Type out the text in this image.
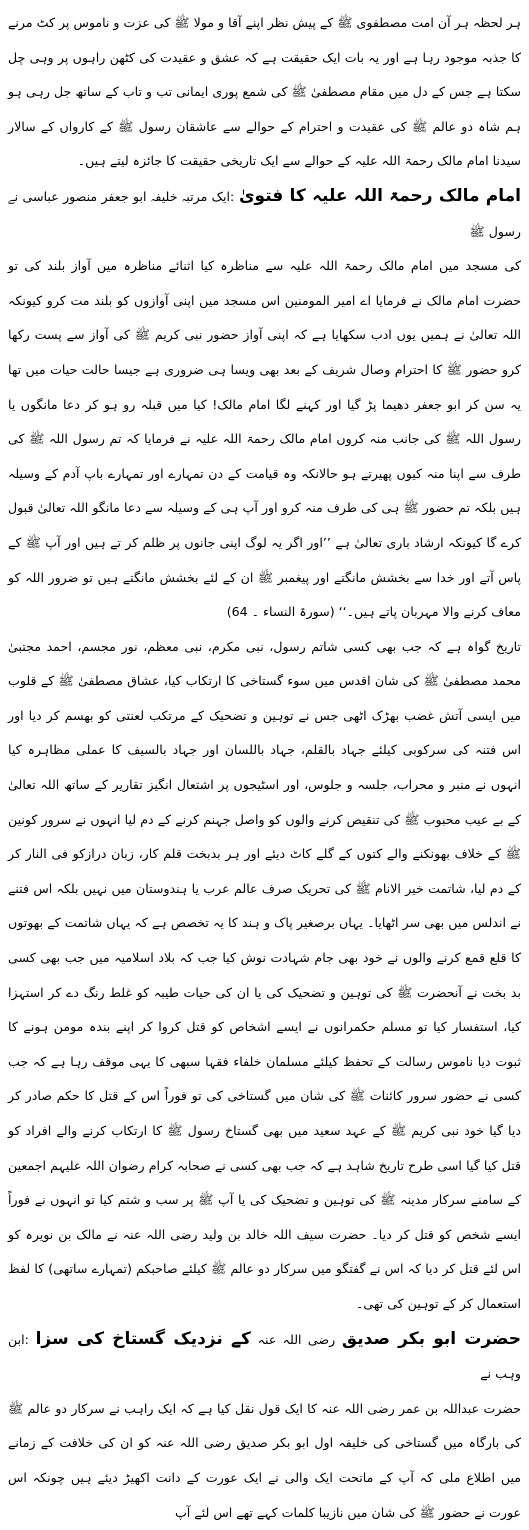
ہر لحظہ ہر آن امت مصطفوی ﷺ کے پیش نظر اپنے آقا و مولا ﷺ کی عزت و ناموس پر کٹ مرنے کا جذبہ موجود رہا ہے اور یہ بات ایک حقیقت ہے کہ عشق و عقیدت کی کٹھن راہوں پر وہی چل سکتا ہے جس کے دل میں مقام مصطفیٰ ﷺ کی شمع پوری ایمانی تب و تاب کے ساتھ جل رہی ہو ہم شاہ دو عالم ﷺ کی عقیدت و احترام کے حوالے سے عاشقان رسول ﷺ کے کارواں کے سالار سیدنا امام مالک رحمۃ اللہ علیہ کے حوالے سے ایک تاریخی حقیقت کا جائزہ لیتے ہیں۔

امام مالک رحمۃ اللہ علیہ کا فتویٰ :ایک مرتبہ خلیفہ ابو جعفر منصور عباسی نے رسول ﷺ

کی مسجد میں امام مالک رحمۃ اللہ علیہ سے مناظرہ کیا اثنائے مناظرہ میں آواز بلند کی تو حضرت امام مالک نے فرمایا اے امیر المومنین اس مسجد میں اپنی آوازوں کو بلند مت کرو کیونکہ اللہ تعالیٰ نے ہمیں یوں ادب سکھایا ہے کہ اپنی آواز حضور نبی کریم ﷺ کی آواز سے پست رکھا کرو حضور ﷺ کا احترام وصال شریف کے بعد بھی ویسا ہی ضروری ہے جیسا حالت حیات میں تھا یہ سن کر ابو جعفر دھیما پڑ گیا اور کہنے لگا امام مالک! کیا میں قبلہ رو ہو کر دعا مانگوں یا رسول اللہ ﷺ کی جانب منہ کروں امام مالک رحمۃ اللہ علیہ نے فرمایا کہ تم رسول اللہ ﷺ کی طرف سے اپنا منہ کیوں پھیرتے ہو حالانکہ وہ قیامت کے دن تمہارے اور تمہارے باپ آدم کے وسیلہ ہیں بلکہ تم حضور ﷺ ہی کی طرف منہ کرو اور آپ ہی کے وسیلہ سے دعا مانگو اللہ تعالیٰ قبول کرے گا کیونکہ ارشاد باری تعالیٰ ہے ’’اور اگر یہ لوگ اپنی جانوں پر ظلم کر تے ہیں اور آپ ﷺ کے پاس آتے اور خدا سے بخشش مانگتے اور پیغمبر ﷺ ان کے لئے بخشش مانگتے ہیں تو ضرور اللہ کو معاف کرنے والا مہربان پاتے ہیں۔‘‘ (سورۃ النساء ۔ 64)

تاریخ گواہ ہے کہ جب بھی کسی شاتم رسول، نبی مکرم، نبی معظم، نور مجسم، احمد مجتبیٰ محمد مصطفیٰ ﷺ کی شان اقدس میں سوء گستاخی کا ارتکاب کیا، عشاق مصطفیٰ ﷺ کے قلوب میں ایسی آتش غضب بھڑک اٹھی جس نے توہین و تضحیک کے مرتکب لعنتی کو بھسم کر دیا اور اس فتنہ کی سرکوبی کیلئے جہاد بالقلم، جہاد باللسان اور جہاد بالسیف کا عملی مظاہرہ کیا انہوں نے منبر و محراب، جلسہ و جلوس، اور اسٹیجوں پر اشتعال انگیز تقاریر کے ساتھ اللہ تعالیٰ کے بے عیب محبوب ﷺ کی تنقیص کرنے والوں کو واصل جہنم کرنے کے دم لیا انہوں نے سرور کونین ﷺ کے خلاف بھونکنے والے کتوں کے گلے کاٹ دیئے اور ہر بدبخت قلم کار، زبان درازکو فی النار کر کے دم لیا، شاتمت خیر الانام ﷺ کی تحریک صرف عالم عرب یا ہندوستان میں نہیں بلکہ اس فتنے نے اندلس میں بھی سر اٹھایا۔ یہاں برصغیر پاک و ہند کا یہ تخصص ہے کہ یہاں شاتمت کے بھوتوں کا قلع قمع کرنے والوں نے خود بھی جام شہادت نوش کیا جب کہ بلاد اسلامیہ میں جب بھی کسی بد بخت نے آنحضرت ﷺ کی توہین و تضحیک کی یا ان کی حیات طیبہ کو غلط رنگ دے کر استہزا کیا، استفسار کیا تو مسلم حکمرانوں نے ایسے اشخاص کو قتل کروا کر اپنے بندہ مومن ہونے کا ثبوت دیا ناموس رسالت کے تحفظ کیلئے مسلمان خلفاء فقہا سبھی کا یہی موقف رہا ہے کہ جب کسی نے حضور سرور کائنات ﷺ کی شان میں گستاخی کی تو فوراً اس کے قتل کا حکم صادر کر دیا گیا خود نبی کریم ﷺ کے عہد سعید میں بھی گستاخ رسول ﷺ کا ارتکاب کرنے والے افراد کو قتل کیا گیا اسی طرح تاریخ شاہد ہے کہ جب بھی کسی نے صحابہ کرام رضوان اللہ علیہم اجمعین کے سامنے سرکار مدینہ ﷺ کی توہین و تضحیک کی یا آپ ﷺ پر سب و شتم کیا تو انہوں نے فوراً ایسے شخص کو قتل کر دیا۔ حضرت سیف اللہ خالد بن ولید رضی اللہ عنہ نے مالک بن نویرہ کو اس لئے قتل کر دیا کہ اس نے گفتگو میں سرکار دو عالم ﷺ کیلئے صاحبکم (تمہارے ساتھی) کا لفظ استعمال کر کے توہین کی تھی۔

حضرت ابو بکر صدیق رضی اللہ عنہ کے نزدیک گستاخ کی سزا :ابن وہب نے

حضرت عبداللہ بن عمر رضی اللہ عنہ کا ایک قول نقل کیا ہے کہ ایک راہب نے سرکار دو عالم ﷺ کی بارگاہ میں گستاخی کی خلیفہ اول ابو بکر صدیق رضی اللہ عنہ کو ان کی خلافت کے زمانے میں اطلاع ملی کہ آپ کے ماتحت ایک والی نے ایک عورت کے دانت اکھیڑ دیئے ہیں چونکہ اس عورت نے حضور ﷺ کی شان میں نازیبا کلمات کہے تھے اس لئے آپ
